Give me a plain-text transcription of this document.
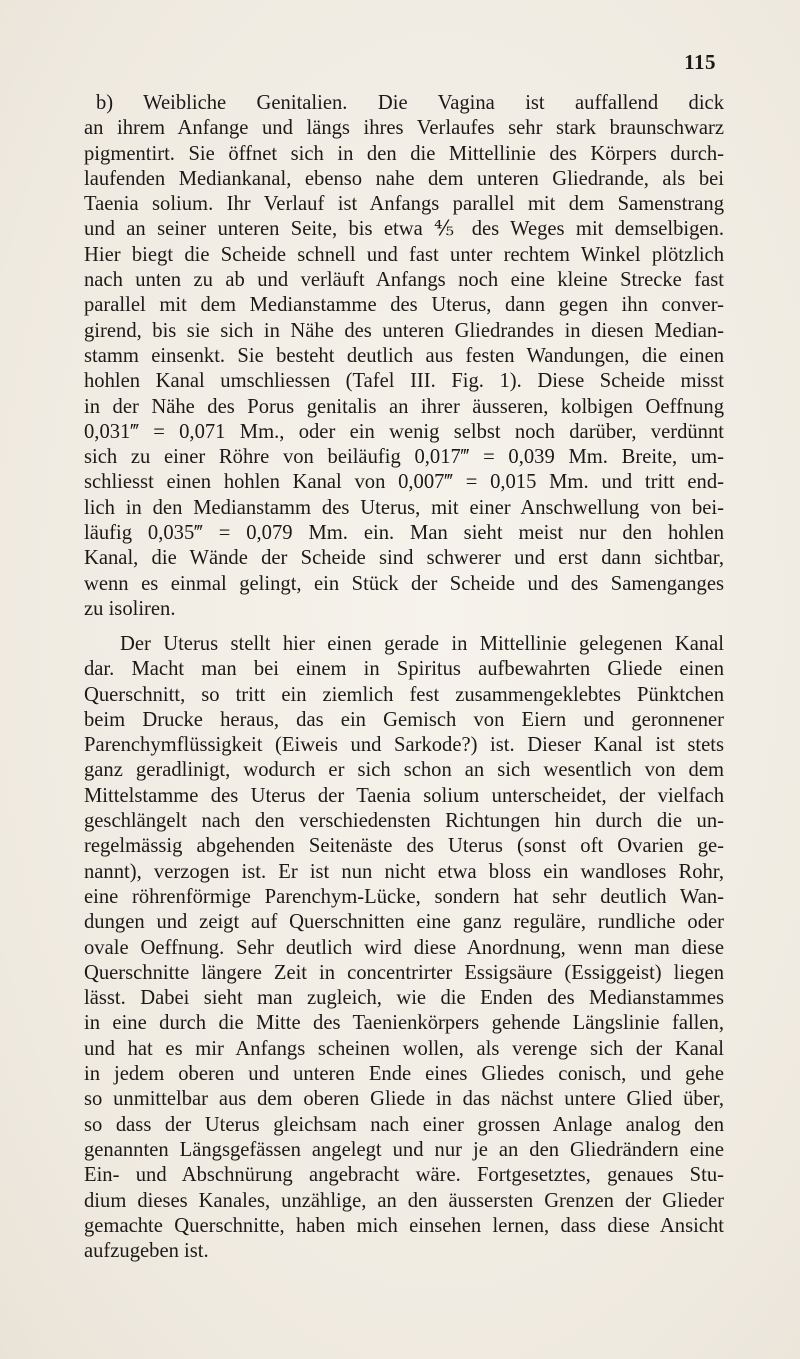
115
b) Weibliche Genitalien. Die Vagina ist auffallend dick
an ihrem Anfange und längs ihres Verlaufes sehr stark braunschwarz
pigmentirt. Sie öffnet sich in den die Mittellinie des Körpers durch-
laufenden Mediankanal, ebenso nahe dem unteren Gliedrande, als bei
Taenia solium. Ihr Verlauf ist Anfangs parallel mit dem Samenstrang
und an seiner unteren Seite, bis etwa ⅘ des Weges mit demselbigen.
Hier biegt die Scheide schnell und fast unter rechtem Winkel plötzlich
nach unten zu ab und verläuft Anfangs noch eine kleine Strecke fast
parallel mit dem Medianstamme des Uterus, dann gegen ihn conver-
girend, bis sie sich in Nähe des unteren Gliedrandes in diesen Median-
stamm einsenkt. Sie besteht deutlich aus festen Wandungen, die einen
hohlen Kanal umschliessen (Tafel III. Fig. 1). Diese Scheide misst
in der Nähe des Porus genitalis an ihrer äusseren, kolbigen Oeffnung
0,031‴ = 0,071 Mm., oder ein wenig selbst noch darüber, verdünnt
sich zu einer Röhre von beiläufig 0,017‴ = 0,039 Mm. Breite, um-
schliesst einen hohlen Kanal von 0,007‴ = 0,015 Mm. und tritt end-
lich in den Medianstamm des Uterus, mit einer Anschwellung von bei-
läufig 0,035‴ = 0,079 Mm. ein. Man sieht meist nur den hohlen
Kanal, die Wände der Scheide sind schwerer und erst dann sichtbar,
wenn es einmal gelingt, ein Stück der Scheide und des Samenganges
zu isoliren.
Der Uterus stellt hier einen gerade in Mittellinie gelegenen Kanal
dar. Macht man bei einem in Spiritus aufbewahrten Gliede einen
Querschnitt, so tritt ein ziemlich fest zusammengeklebtes Pünktchen
beim Drucke heraus, das ein Gemisch von Eiern und geronnener
Parenchymflüssigkeit (Eiweis und Sarkode?) ist. Dieser Kanal ist stets
ganz geradlinigt, wodurch er sich schon an sich wesentlich von dem
Mittelstamme des Uterus der Taenia solium unterscheidet, der vielfach
geschlängelt nach den verschiedensten Richtungen hin durch die un-
regelmässig abgehenden Seitenäste des Uterus (sonst oft Ovarien ge-
nannt), verzogen ist. Er ist nun nicht etwa bloss ein wandloses Rohr,
eine röhrenförmige Parenchym-Lücke, sondern hat sehr deutlich Wan-
dungen und zeigt auf Querschnitten eine ganz reguläre, rundliche oder
ovale Oeffnung. Sehr deutlich wird diese Anordnung, wenn man diese
Querschnitte längere Zeit in concentrirter Essigsäure (Essiggeist) liegen
lässt. Dabei sieht man zugleich, wie die Enden des Medianstammes
in eine durch die Mitte des Taenienkörpers gehende Längslinie fallen,
und hat es mir Anfangs scheinen wollen, als verenge sich der Kanal
in jedem oberen und unteren Ende eines Gliedes conisch, und gehe
so unmittelbar aus dem oberen Gliede in das nächst untere Glied über,
so dass der Uterus gleichsam nach einer grossen Anlage analog den
genannten Längsgefässen angelegt und nur je an den Gliedrändern eine
Ein- und Abschnürung angebracht wäre. Fortgesetztes, genaues Stu-
dium dieses Kanales, unzählige, an den äussersten Grenzen der Glieder
gemachte Querschnitte, haben mich einsehen lernen, dass diese Ansicht
aufzugeben ist.
